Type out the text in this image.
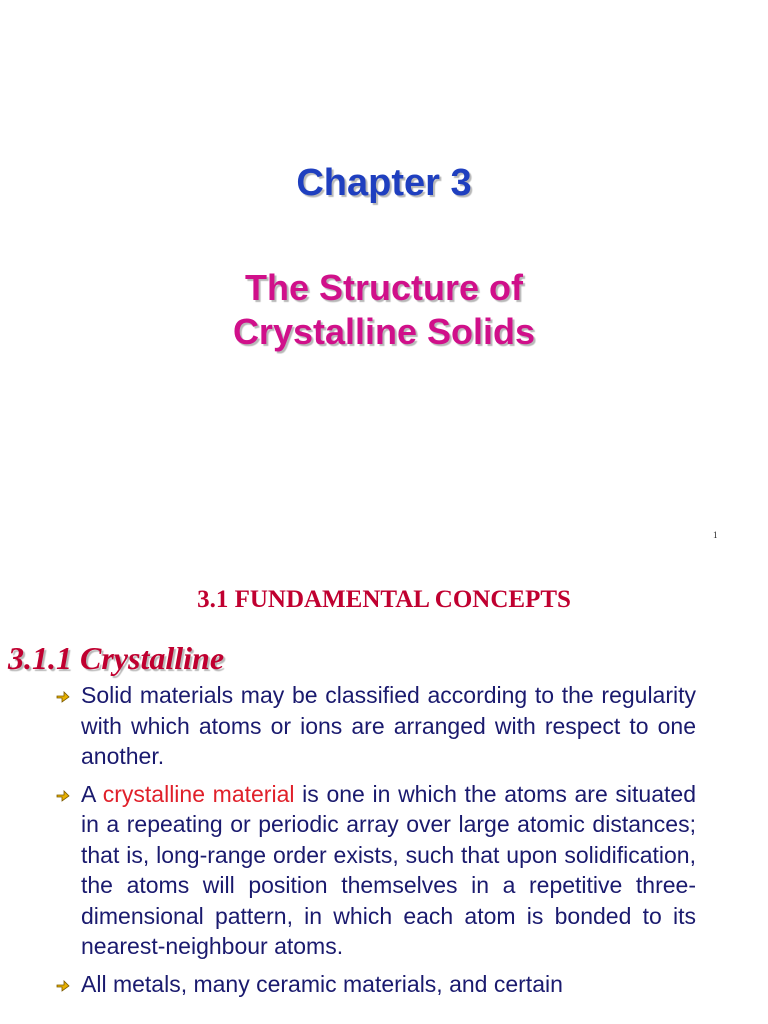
Chapter 3
The Structure of
Crystalline Solids
1
3.1 FUNDAMENTAL CONCEPTS
3.1.1 Crystalline
Solid materials may be classified according to the regularity with which atoms or ions are arranged with respect to one another.
A crystalline material is one in which the atoms are situated in a repeating or periodic array over large atomic distances; that is, long-range order exists, such that upon solidification, the atoms will position themselves in a repetitive three-dimensional pattern, in which each atom is bonded to its nearest-neighbour atoms.
All metals, many ceramic materials, and certain
